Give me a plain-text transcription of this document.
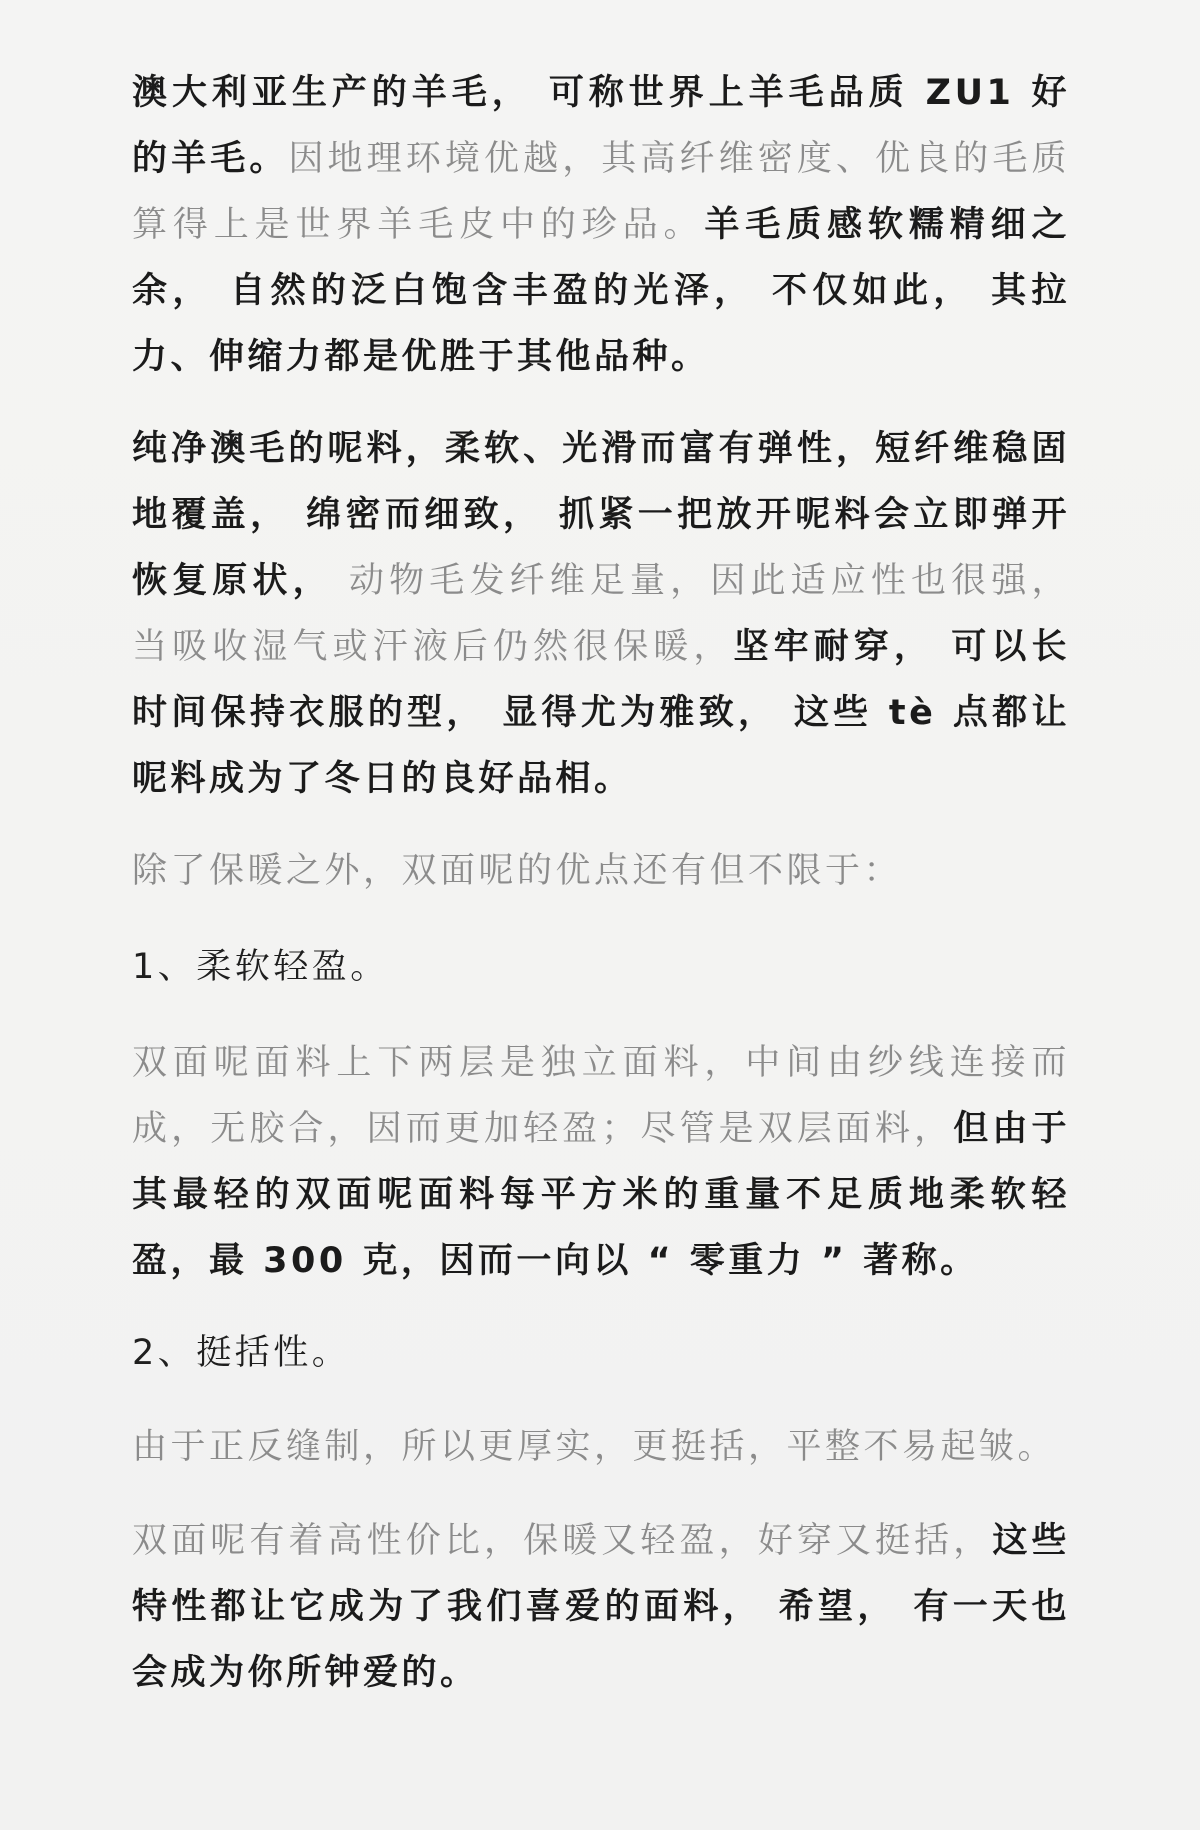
澳大利亚生产的羊毛， 可称世界上羊毛品质 ZU1 好的羊毛。因地理环境优越，其高纤维密度、优良的毛质算得上是世界羊毛皮中的珍品。羊毛质感软糯精细之余， 自然的泛白饱含丰盈的光泽， 不仅如此， 其拉力、伸缩力都是优胜于其他品种。

纯净澳毛的呢料，柔软、光滑而富有弹性，短纤维稳固地覆盖， 绵密而细致， 抓紧一把放开呢料会立即弹开恢复原状， 动物毛发纤维足量，因此适应性也很强，当吸收湿气或汗液后仍然很保暖，坚牢耐穿， 可以长时间保持衣服的型， 显得尤为雅致， 这些 tè 点都让呢料成为了冬日的良好品相。

除了保暖之外，双面呢的优点还有但不限于：

1、柔软轻盈。

双面呢面料上下两层是独立面料，中间由纱线连接而成，无胶合，因而更加轻盈；尽管是双层面料，但由于其最轻的双面呢面料每平方米的重量不足质地柔软轻盈，最 300 克，因而一向以 “ 零重力 ” 著称。

2、挺括性。

由于正反缝制，所以更厚实，更挺括，平整不易起皱。

双面呢有着高性价比，保暖又轻盈，好穿又挺括，这些特性都让它成为了我们喜爱的面料， 希望， 有一天也会成为你所钟爱的。
